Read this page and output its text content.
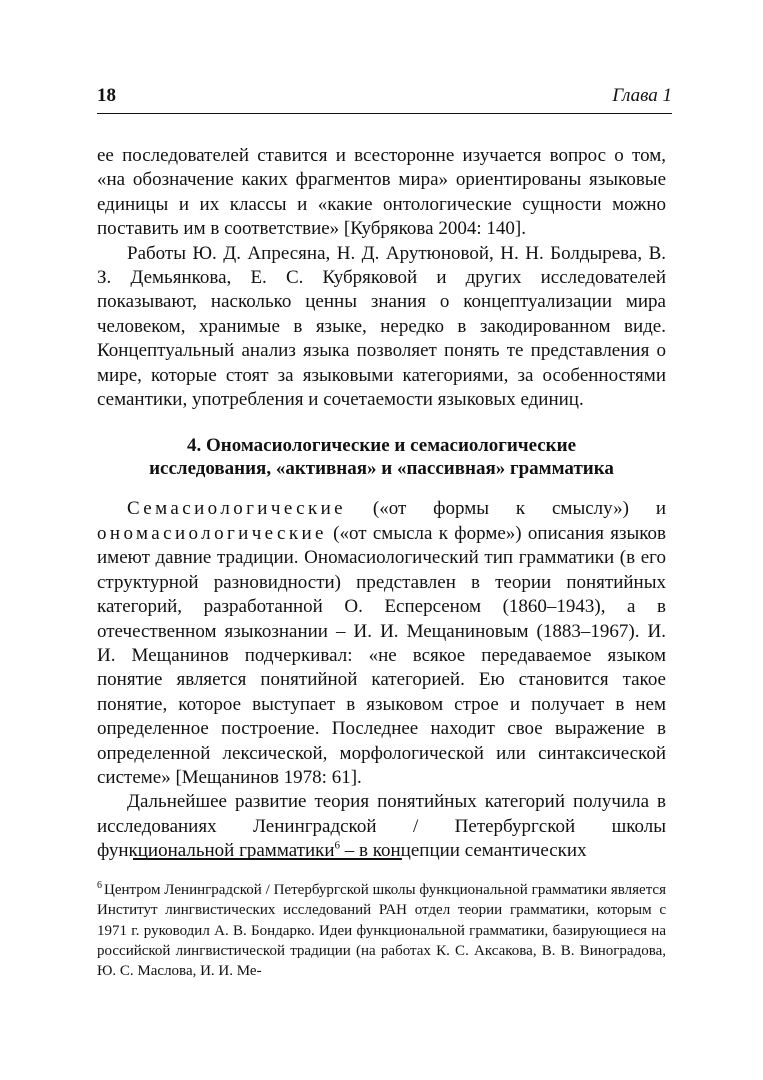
18	Глава 1

ее последователей ставится и всесторонне изучается вопрос о том, «на обозначение каких фрагментов мира» ориентированы языковые единицы и их классы и «какие онтологические сущности можно поставить им в соответствие» [Кубрякова 2004: 140].

Работы Ю. Д. Апресяна, Н. Д. Арутюновой, Н. Н. Болдырева, В. З. Демьянкова, Е. С. Кубряковой и других исследователей показывают, насколько ценны знания о концептуализации мира человеком, хранимые в языке, нередко в закодированном виде. Концептуальный анализ языка позволяет понять те представления о мире, которые стоят за языковыми категориями, за особенностями семантики, употребления и сочетаемости языковых единиц.

4. Ономасиологические и семасиологические
исследования, «активная» и «пассивная» грамматика

Семасиологические («от формы к смыслу») и ономасиологические («от смысла к форме») описания языков имеют давние традиции. Ономасиологический тип грамматики (в его структурной разновидности) представлен в теории понятийных категорий, разработанной О. Есперсеном (1860–1943), а в отечественном языкознании – И. И. Мещаниновым (1883–1967). И. И. Мещанинов подчеркивал: «не всякое передаваемое языком понятие является понятийной категорией. Ею становится такое понятие, которое выступает в языковом строе и получает в нем определенное построение. Последнее находит свое выражение в определенной лексической, морфологической или синтаксической системе» [Мещанинов 1978: 61].

Дальнейшее развитие теория понятийных категорий получила в исследованиях Ленинградской / Петербургской школы функциональной грамматики$^6$ – в концепции семантических

$^6$ Центром Ленинградской / Петербургской школы функциональной грамматики является Институт лингвистических исследований РАН отдел теории грамматики, которым с 1971 г. руководил А. В. Бондарко. Идеи функциональной грамматики, базирующиеся на российской лингвистической традиции (на работах К. С. Аксакова, В. В. Виноградова, Ю. С. Маслова, И. И. Ме-
